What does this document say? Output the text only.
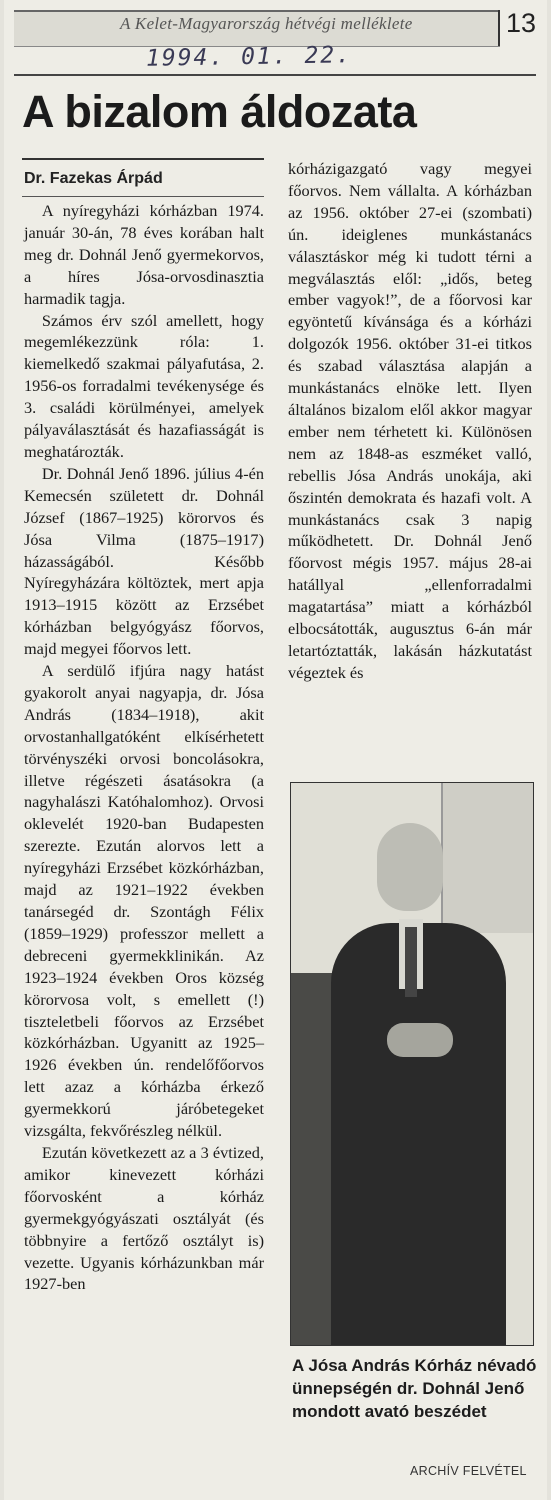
A Kelet-Magyarország hétvégi melléklete	13
1994. 01. 22.
A bizalom áldozata
Dr. Fazekas Árpád

A nyíregyházi kórházban 1974. január 30-án, 78 éves korában halt meg dr. Dohnál Jenő gyermekorvos, a híres Jósa-orvosdinasztia harmadik tagja.

Számos érv szól amellett, hogy megemlékezzünk róla: 1. kiemelkedő szakmai pályafutása, 2. 1956-os forradalmi tevékenysége és 3. családi körülményei, amelyek pályaválasztását és hazafiasságát is meghatározták.

Dr. Dohnál Jenő 1896. július 4-én Kemecsén született dr. Dohnál József (1867–1925) körorvos és Jósa Vilma (1875–1917) házasságából. Később Nyíregyházára költöztek, mert apja 1913–1915 között az Erzsébet kórházban belgyógyász főorvos, majd megyei főorvos lett.

A serdülő ifjúra nagy hatást gyakorolt anyai nagyapja, dr. Jósa András (1834–1918), akit orvostanhallgatóként elkísérhetett törvényszéki orvosi boncolásokra, illetve régészeti ásatásokra (a nagyhalászi Katóhalomhoz). Orvosi oklevelét 1920-ban Budapesten szerezte. Ezután alorvos lett a nyíregyházi Erzsébet közkórházban, majd az 1921–1922 években tanársegéd dr. Szontágh Félix (1859–1929) professzor mellett a debreceni gyermekklinikán. Az 1923–1924 években Oros község körorvosa volt, s emellett (!) tiszteletbeli főorvos az Erzsébet közkórházban. Ugyanitt az 1925–1926 években ún. rendelőfőorvos lett azaz a kórházba érkező gyermekkorú járóbetegeket vizsgálta, fekvőrészleg nélkül.

Ezután következett az a 3 évtized, amikor kinevezett kórházi főorvosként a kórház gyermekgyógyászati osztályát (és többnyire a fertőző osztályt is) vezette. Ugyanis kórházunkban már 1927-ben

kórházigazgató vagy megyei főorvos. Nem vállalta. A kórházban az 1956. október 27-ei (szombati) ún. ideiglenes munkástanács választáskor még ki tudott térni a megválasztás elől: „idős, beteg ember vagyok!”, de a főorvosi kar egyöntetű kívánsága és a kórházi dolgozók 1956. október 31-ei titkos és szabad választása alapján a munkástanács elnöke lett. Ilyen általános bizalom elől akkor magyar ember nem térhetett ki. Különösen nem az 1848-as eszméket valló, rebellis Jósa András unokája, aki őszintén demokrata és hazafi volt. A munkástanács csak 3 napig működhetett. Dr. Dohnál Jenő főorvost mégis 1957. május 28-ai hatállyal „ellenforradalmi magatartása” miatt a kórházból elbocsátották, augusztus 6-án már letartóztatták, lakásán házkutatást végeztek és

A Jósa András Kórház névadó ünnepségén dr. Dohnál Jenő mondott avató beszédet
ARCHÍV FELVÉTEL
